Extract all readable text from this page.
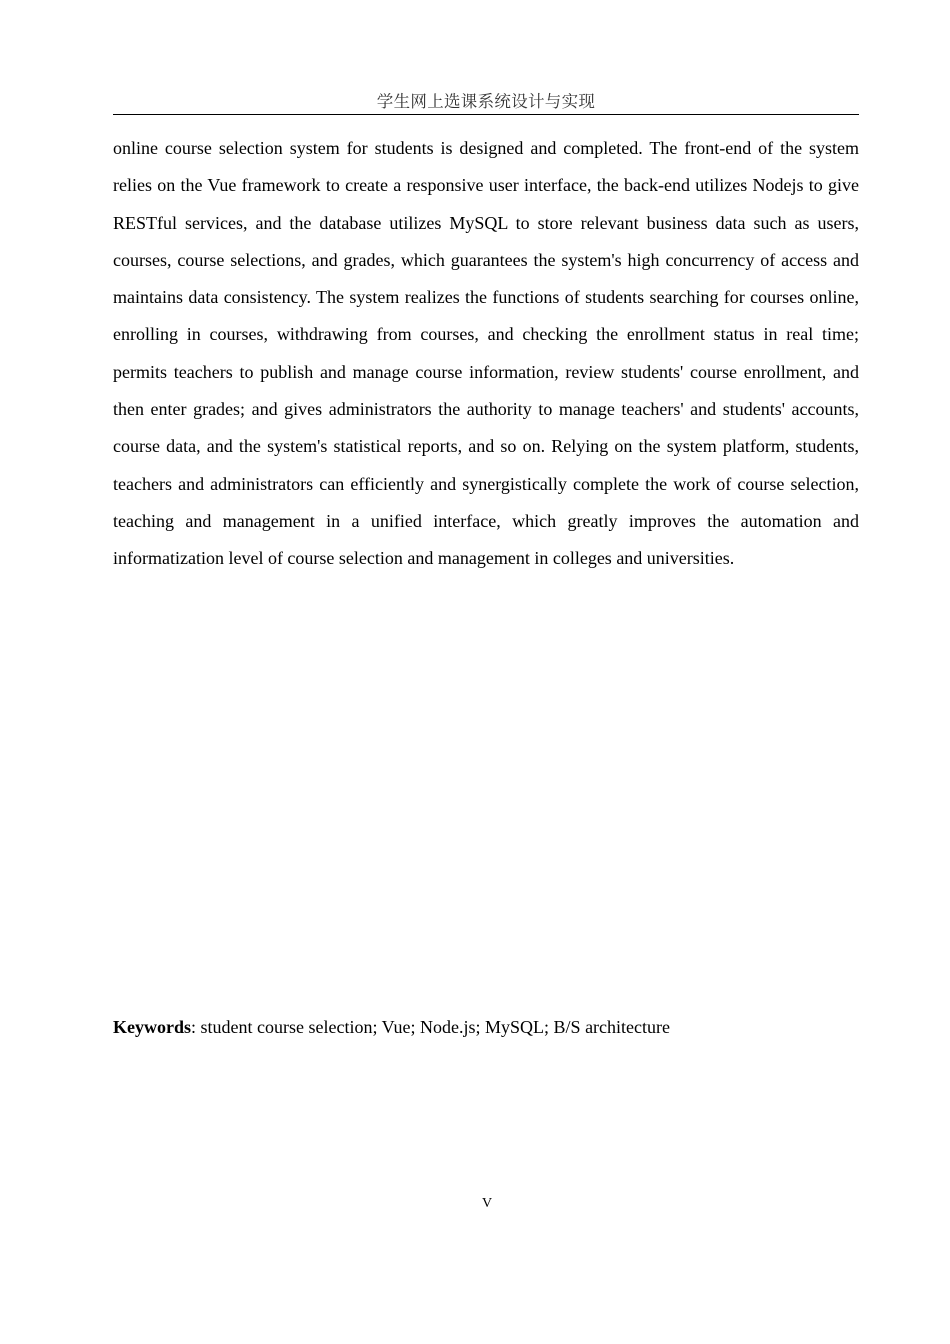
学生网上选课系统设计与实现

online course selection system for students is designed and completed. The front-end of the system relies on the Vue framework to create a responsive user interface, the back-end utilizes Nodejs to give RESTful services, and the database utilizes MySQL to store relevant business data such as users, courses, course selections, and grades, which guarantees the system's high concurrency of access and maintains data consistency. The system realizes the functions of students searching for courses online, enrolling in courses, withdrawing from courses, and checking the enrollment status in real time; permits teachers to publish and manage course information, review students' course enrollment, and then enter grades; and gives administrators the authority to manage teachers' and students' accounts, course data, and the system's statistical reports, and so on. Relying on the system platform, students, teachers and administrators can efficiently and synergistically complete the work of course selection, teaching and management in a unified interface, which greatly improves the automation and informatization level of course selection and management in colleges and universities.

Keywords: student course selection; Vue; Node.js; MySQL; B/S architecture

V
